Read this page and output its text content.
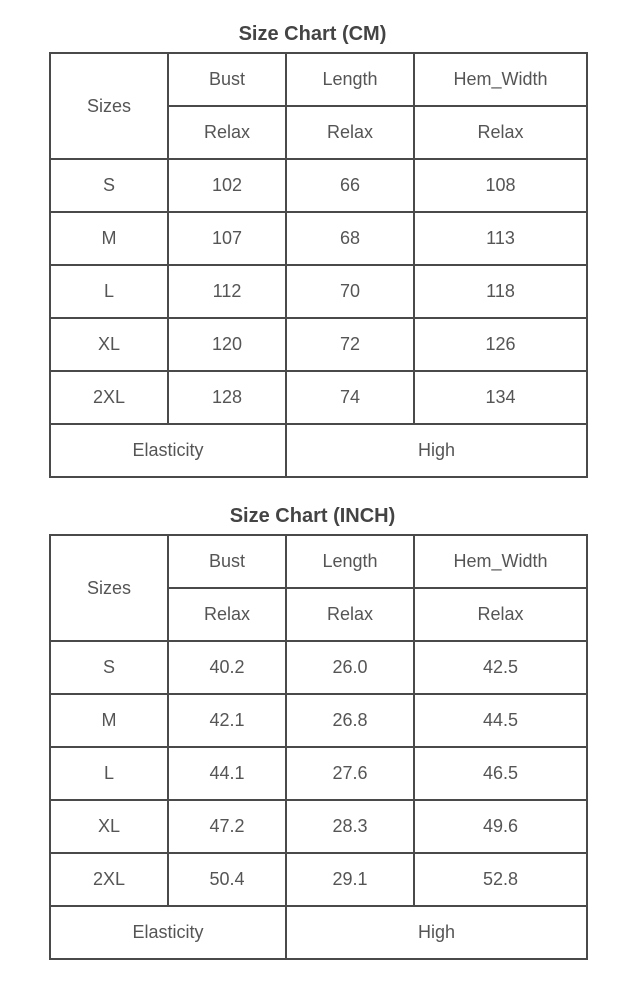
Size Chart (CM)
Sizes	Bust	Length	Hem_Width
	Relax	Relax	Relax
S	102	66	108
M	107	68	113
L	112	70	118
XL	120	72	126
2XL	128	74	134
Elasticity		High	
Size Chart (INCH)
Sizes	Bust	Length	Hem_Width
	Relax	Relax	Relax
S	40.2	26.0	42.5
M	42.1	26.8	44.5
L	44.1	27.6	46.5
XL	47.2	28.3	49.6
2XL	50.4	29.1	52.8
Elasticity		High	
